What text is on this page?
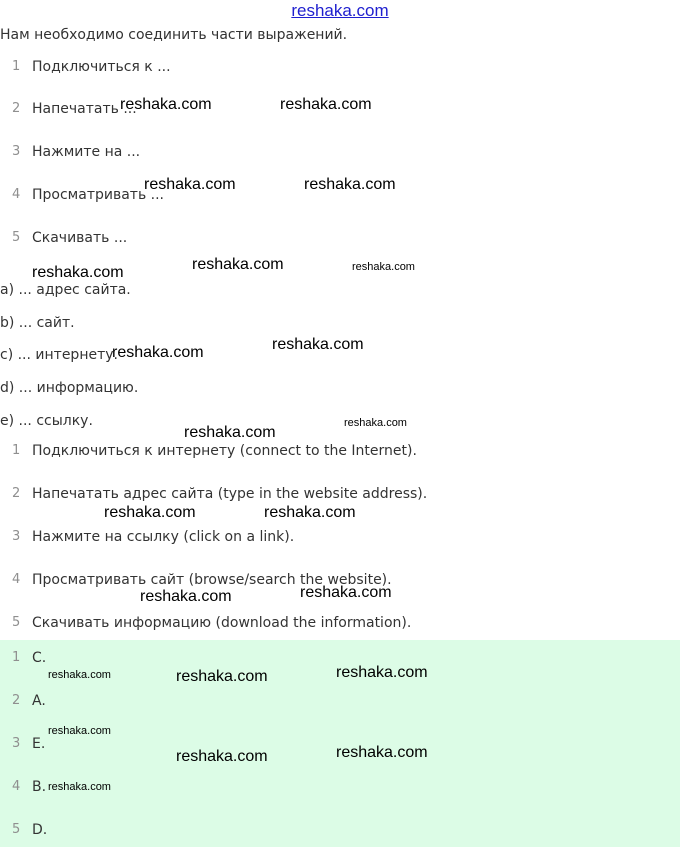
reshaka.com
Нам необходимо соединить части выражений.
1 Подключиться к ...
2 Напечатать ...
3 Нажмите на ...
4 Просматривать ...
5 Скачивать ...
a) ... адрес сайта.
b) ... сайт.
c) ... интернету.
d) ... информацию.
e) ... ссылку.
1 Подключиться к интернету (connect to the Internet).
2 Напечатать адрес сайта (type in the website address).
3 Нажмите на ссылку (click on a link).
4 Просматривать сайт (browse/search the website).
5 Скачивать информацию (download the information).
1 C.
2 A.
3 E.
4 B.
5 D.
reshaka.com	reshaka.com
reshaka.com	reshaka.com
reshaka.com	reshaka.com	reshaka.com
reshaka.com	reshaka.com
reshaka.com
reshaka.com
reshaka.com	reshaka.com
reshaka.com	reshaka.com
reshaka.com	reshaka.com	reshaka.com
reshaka.com
reshaka.com	reshaka.com
reshaka.com
